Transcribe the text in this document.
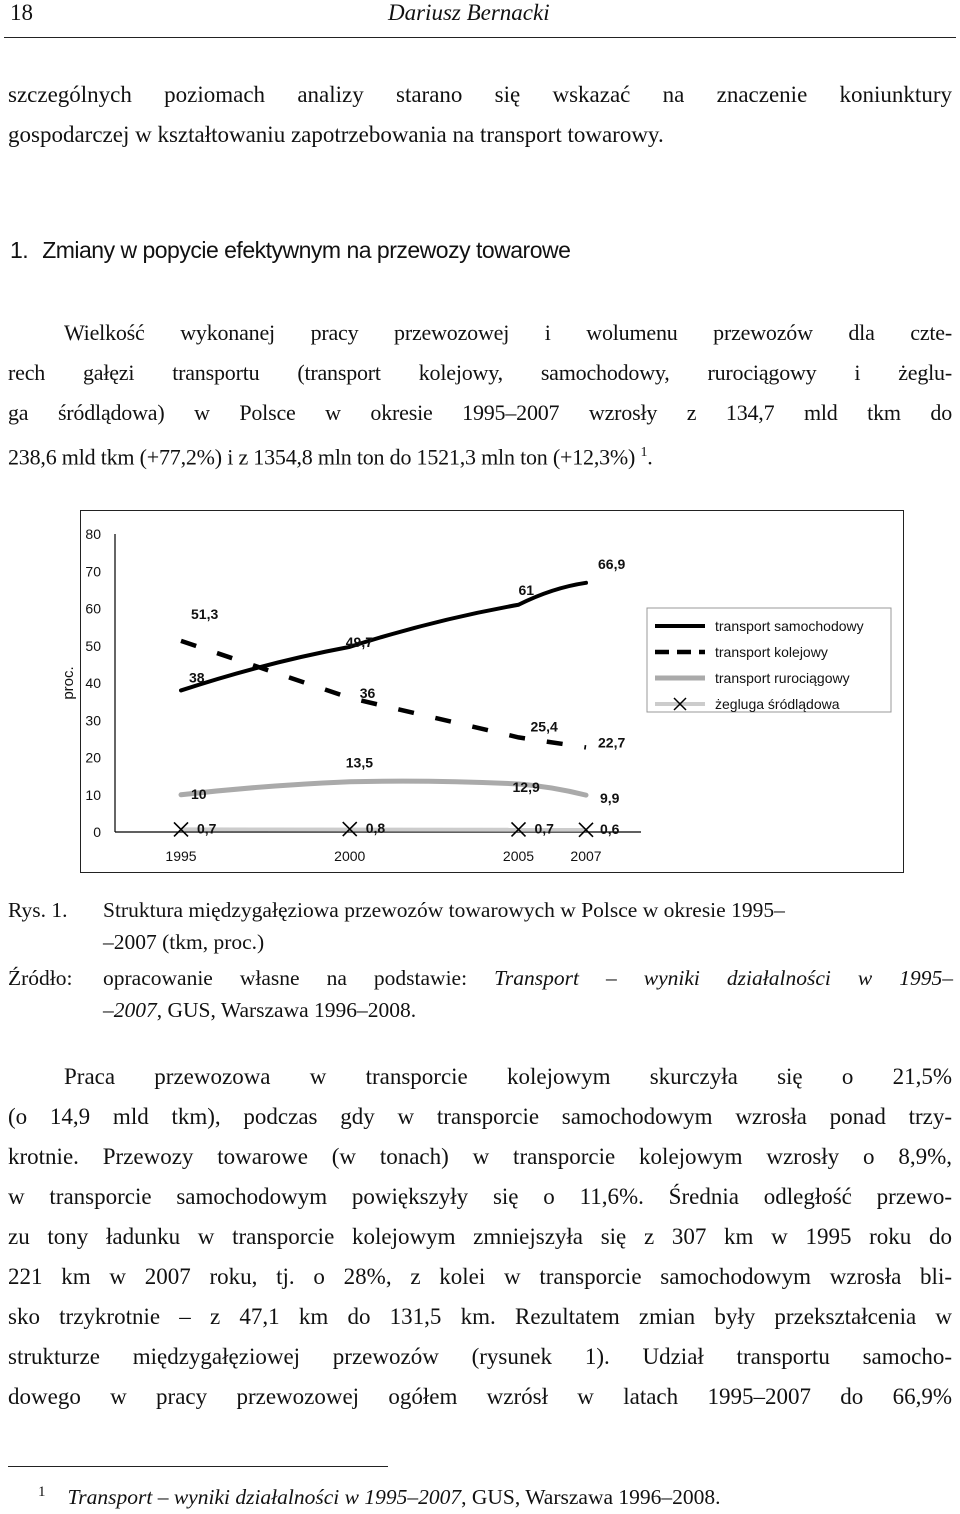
18	Dariusz Bernacki
szczególnych poziomach analizy starano się wskazać na znaczenie koniunktury
gospodarczej w kształtowaniu zapotrzebowania na transport towarowy.
1. Zmiany w popycie efektywnym na przewozy towarowe
Wielkość wykonanej pracy przewozowej i wolumenu przewozów dla czte-
rech gałęzi transportu (transport kolejowy, samochodowy, rurociągowy i żeglu-
ga śródlądowa) w Polsce w okresie 1995–2007 wzrosły z 134,7 mld tkm do
238,6 mld tkm (+77,2%) i z 1354,8 mln ton do 1521,3 mln ton (+12,3%) $^1$.
0
10
20
30
40
50
60
70
80
proc.
1995	2000	2005	2007
38
49,7
61
66,9
51,3
36
25,4
22,7
10
13,5
12,9
9,9
0,7	0,8	0,7	0,6
transport samochodowy
transport kolejowy
transport rurociągowy
żegluga śródlądowa
Rys. 1. Struktura międzygałęziowa przewozów towarowych w Polsce w okresie 1995–
–2007 (tkm, proc.)
Źródło: opracowanie własne na podstawie: Transport – wyniki działalności w 1995–
–2007, GUS, Warszawa 1996–2008.
Praca przewozowa w transporcie kolejowym skurczyła się o 21,5%
(o 14,9 mld tkm), podczas gdy w transporcie samochodowym wzrosła ponad trzy-
krotnie. Przewozy towarowe (w tonach) w transporcie kolejowym wzrosły o 8,9%,
w transporcie samochodowym powiększyły się o 11,6%. Średnia odległość przewo-
zu tony ładunku w transporcie kolejowym zmniejszyła się z 307 km w 1995 roku do
221 km w 2007 roku, tj. o 28%, z kolei w transporcie samochodowym wzrosła bli-
sko trzykrotnie – z 47,1 km do 131,5 km. Rezultatem zmian były przekształcenia w
strukturze międzygałęziowej przewozów (rysunek 1). Udział transportu samocho-
dowego w pracy przewozowej ogółem wzrósł w latach 1995–2007 do 66,9%
$^1$ Transport – wyniki działalności w 1995–2007, GUS, Warszawa 1996–2008.
